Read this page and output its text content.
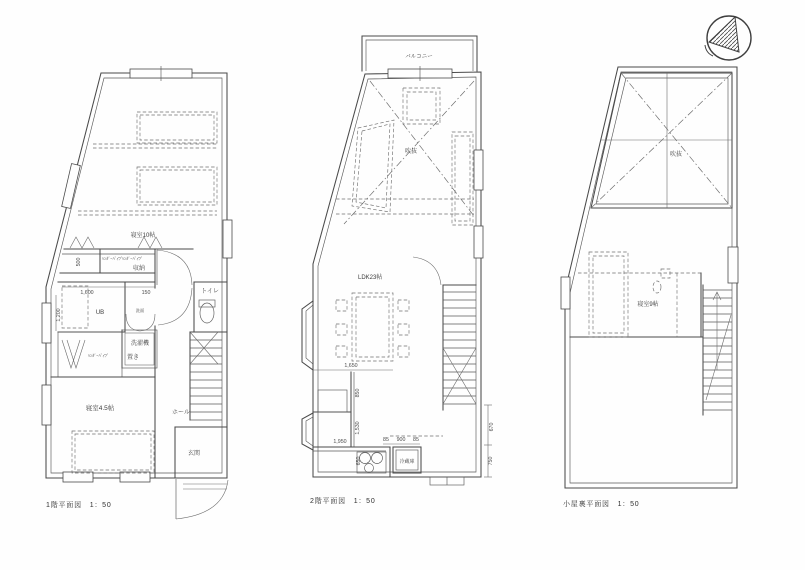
寝室10帖
収納
ﾊﾝｶﾞｰﾊﾟｲﾌﾟ ﾊﾝｶﾞｰﾊﾟｲﾌﾟ
ﾊﾝｶﾞｰﾊﾟｲﾌﾟ
UB	洗面
洗濯機
置き
トイレ
寝室4.5帖
ホール
玄関
500
1,600	150
1,200
バルコニー
吹抜
LDK23帖
冷蔵庫
1,650
850
1,530
1,950
650
85 900 85
670
750
吹抜
寝室9帖
1階平面図　1：50
2階平面図　1：50	小屋裏平面図　1：50
